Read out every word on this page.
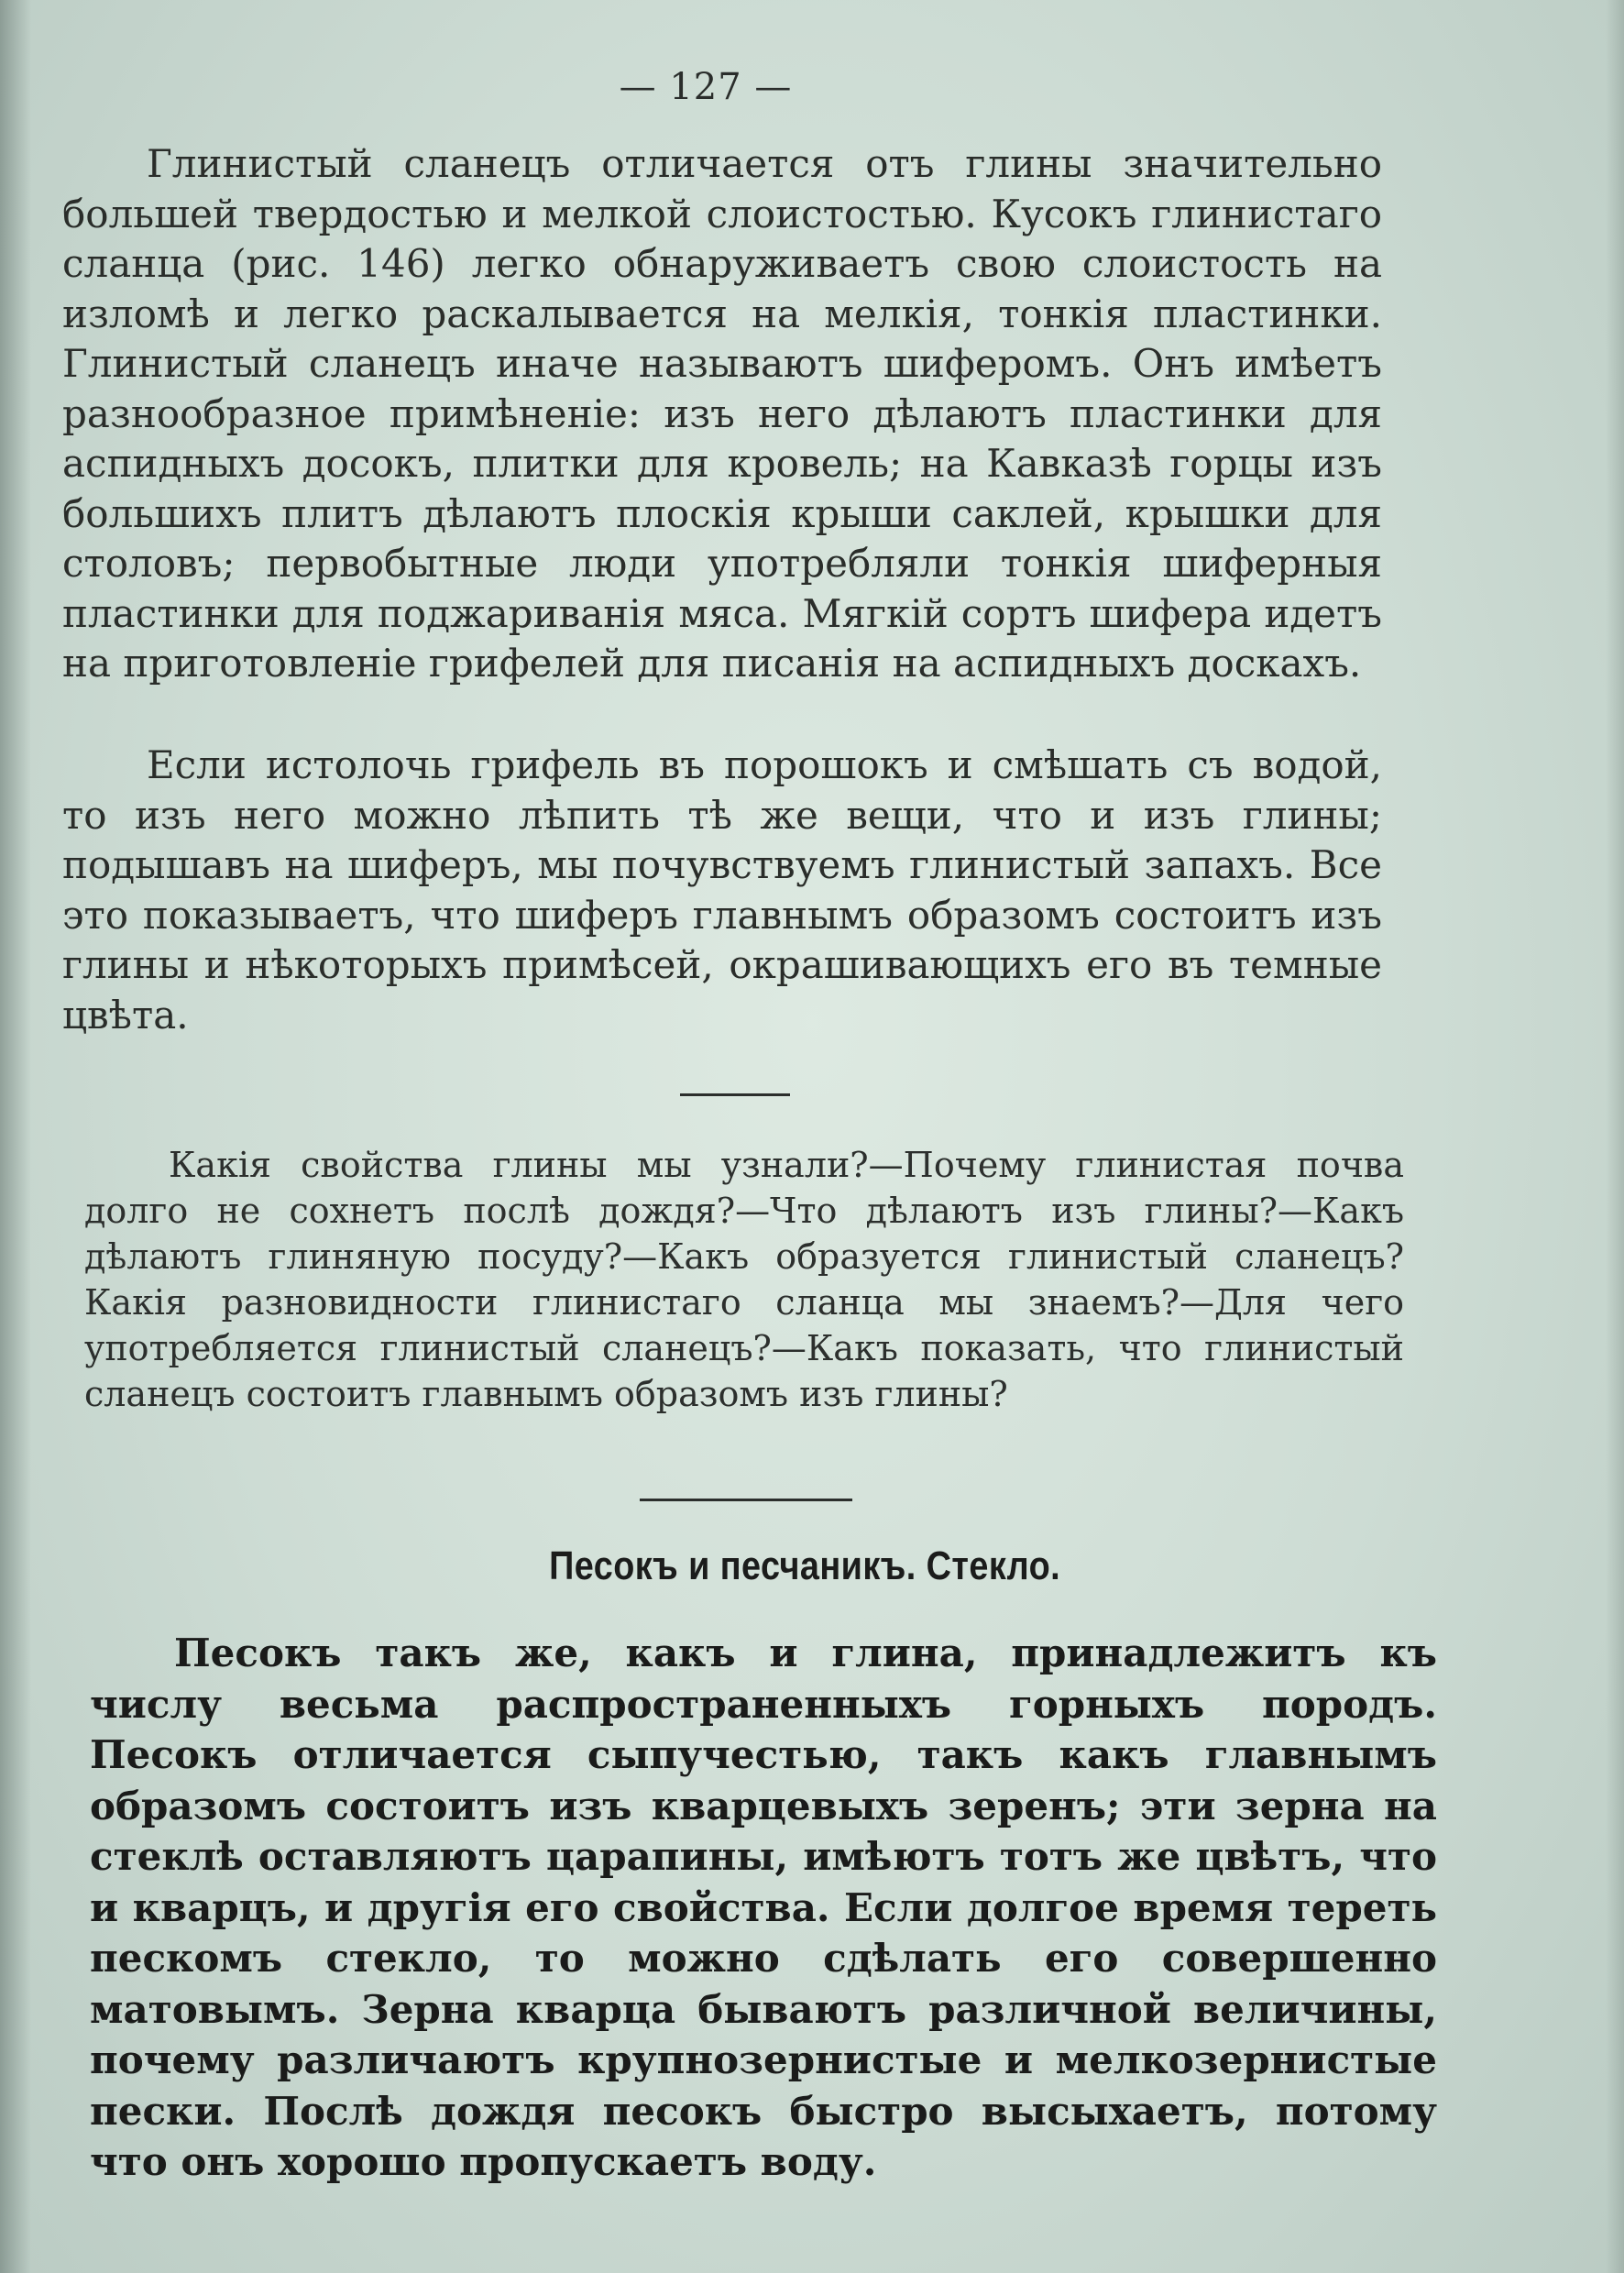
— 127 —

Глинистый сланецъ отличается отъ глины значительно большей твердостью и мелкой слоистостью. Кусокъ глинистаго сланца (рис. 146) легко обнаруживаетъ свою слоистость на изломѣ и легко раскалывается на мелкія, тонкія пластинки. Глинистый сланецъ иначе называютъ шиферомъ. Онъ имѣетъ разнообразное примѣненіе: изъ него дѣлаютъ пластинки для аспидныхъ досокъ, плитки для кровель; на Кавказѣ горцы изъ большихъ плитъ дѣлаютъ плоскія крыши саклей, крышки для столовъ; первобытные люди употребляли тонкія шиферныя пластинки для поджариванія мяса. Мягкій сортъ шифера идетъ на приготовленіе грифелей для писанія на аспидныхъ доскахъ.

Если истолочь грифель въ порошокъ и смѣшать съ водой, то изъ него можно лѣпить тѣ же вещи, что и изъ глины; подышавъ на шиферъ, мы почувствуемъ глинистый запахъ. Все это показываетъ, что шиферъ главнымъ образомъ состоитъ изъ глины и нѣкоторыхъ примѣсей, окрашивающихъ его въ темные цвѣта.

Какія свойства глины мы узнали?—Почему глинистая почва долго не сохнетъ послѣ дождя?—Что дѣлаютъ изъ глины?—Какъ дѣлаютъ глиняную посуду?—Какъ образуется глинистый сланецъ? Какія разновидности глинистаго сланца мы знаемъ?—Для чего употребляется глинистый сланецъ?—Какъ показать, что глинистый сланецъ состоитъ главнымъ образомъ изъ глины?

Песокъ и песчаникъ. Стекло.

Песокъ такъ же, какъ и глина, принадлежитъ къ числу весьма распространенныхъ горныхъ породъ. Песокъ отличается сыпучестью, такъ какъ главнымъ образомъ состоитъ изъ кварцевыхъ зеренъ; эти зерна на стеклѣ оставляютъ царапины, имѣютъ тотъ же цвѣтъ, что и кварцъ, и другія его свойства. Если долгое время тереть пескомъ стекло, то можно сдѣлать его совершенно матовымъ. Зерна кварца бываютъ различной величины, почему различаютъ крупнозернистые и мелкозернистые пески. Послѣ дождя песокъ быстро высыхаетъ, потому что онъ хорошо пропускаетъ воду.
